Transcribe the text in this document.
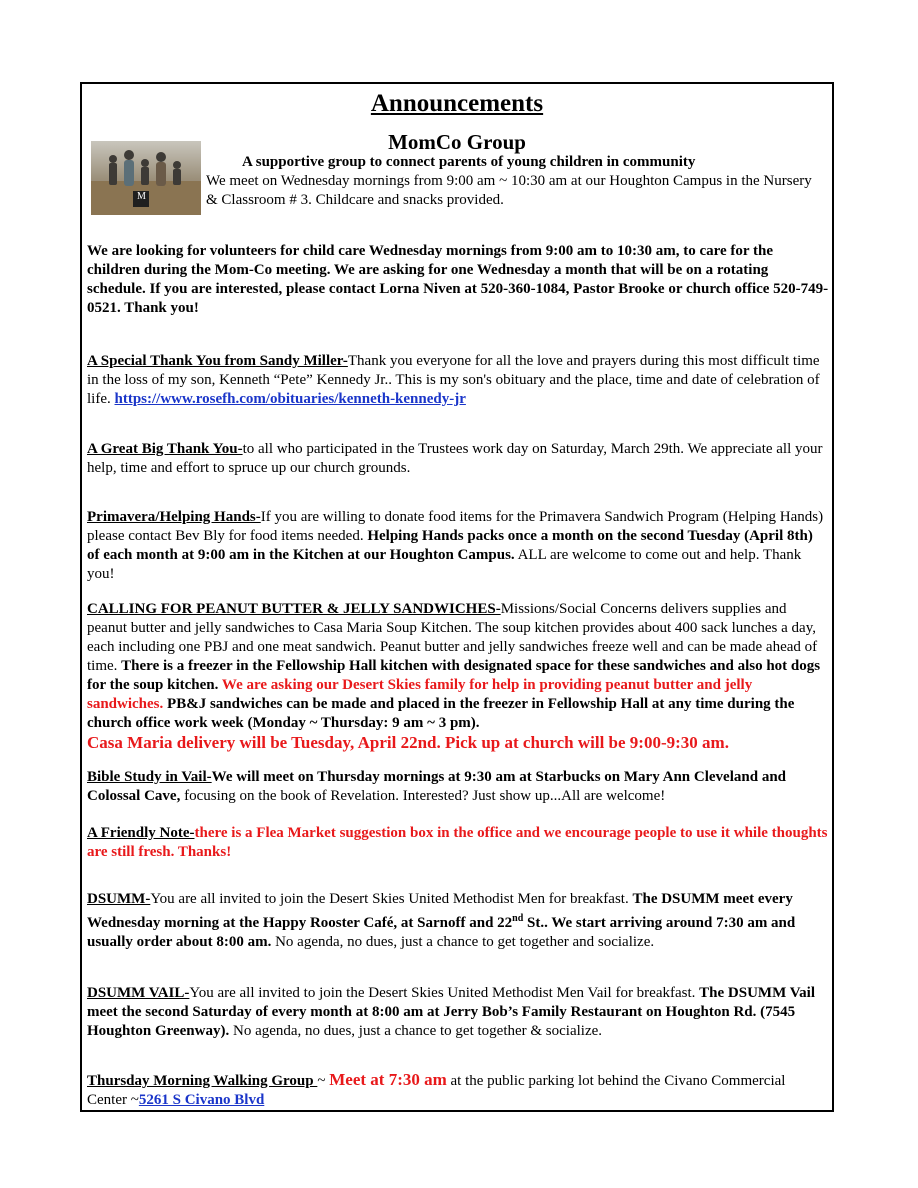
Announcements
M
MomCo Group
A supportive group to connect parents of young children in community
We meet on Wednesday mornings from 9:00 am ~ 10:30 am at our Houghton Campus in the Nursery & Classroom # 3. Childcare and snacks provided.
We are looking for volunteers for child care Wednesday mornings from 9:00 am to 10:30 am, to care for the children during the Mom-Co meeting. We are asking for one Wednesday a month that will be on a rotating schedule. If you are interested, please contact Lorna Niven at 520-360-1084, Pastor Brooke or church office 520-749-0521. Thank you!
A Special Thank You from Sandy Miller-Thank you everyone for all the love and prayers during this most difficult time in the loss of my son, Kenneth “Pete” Kennedy Jr.. This is my son's obituary and the place, time and date of celebration of life. https://www.rosefh.com/obituaries/kenneth-kennedy-jr
A Great Big Thank You-to all who participated in the Trustees work day on Saturday, March 29th. We appreciate all your help, time and effort to spruce up our church grounds.
Primavera/Helping Hands-If you are willing to donate food items for the Primavera Sandwich Program (Helping Hands) please contact Bev Bly for food items needed. Helping Hands packs once a month on the second Tuesday (April 8th) of each month at 9:00 am in the Kitchen at our Houghton Campus. ALL are welcome to come out and help. Thank you!
CALLING FOR PEANUT BUTTER & JELLY SANDWICHES-Missions/Social Concerns delivers supplies and peanut butter and jelly sandwiches to Casa Maria Soup Kitchen. The soup kitchen provides about 400 sack lunches a day, each including one PBJ and one meat sandwich. Peanut butter and jelly sandwiches freeze well and can be made ahead of time. There is a freezer in the Fellowship Hall kitchen with designated space for these sandwiches and also hot dogs for the soup kitchen. We are asking our Desert Skies family for help in providing peanut butter and jelly sandwiches. PB&J sandwiches can be made and placed in the freezer in Fellowship Hall at any time during the church office work week (Monday ~ Thursday: 9 am ~ 3 pm).
Casa Maria delivery will be Tuesday, April 22nd. Pick up at church will be 9:00-9:30 am.
Bible Study in Vail-We will meet on Thursday mornings at 9:30 am at Starbucks on Mary Ann Cleveland and Colossal Cave, focusing on the book of Revelation. Interested? Just show up...All are welcome!
A Friendly Note-there is a Flea Market suggestion box in the office and we encourage people to use it while thoughts are still fresh. Thanks!
DSUMM-You are all invited to join the Desert Skies United Methodist Men for breakfast. The DSUMM meet every Wednesday morning at the Happy Rooster Café, at Sarnoff and 22nd St.. We start arriving around 7:30 am and usually order about 8:00 am. No agenda, no dues, just a chance to get together and socialize.
DSUMM VAIL-You are all invited to join the Desert Skies United Methodist Men Vail for breakfast. The DSUMM Vail meet the second Saturday of every month at 8:00 am at Jerry Bob’s Family Restaurant on Houghton Rd. (7545 Houghton Greenway). No agenda, no dues, just a chance to get together & socialize.
Thursday Morning Walking Group ~ Meet at 7:30 am at the public parking lot behind the Civano Commercial Center ~5261 S Civano Blvd
